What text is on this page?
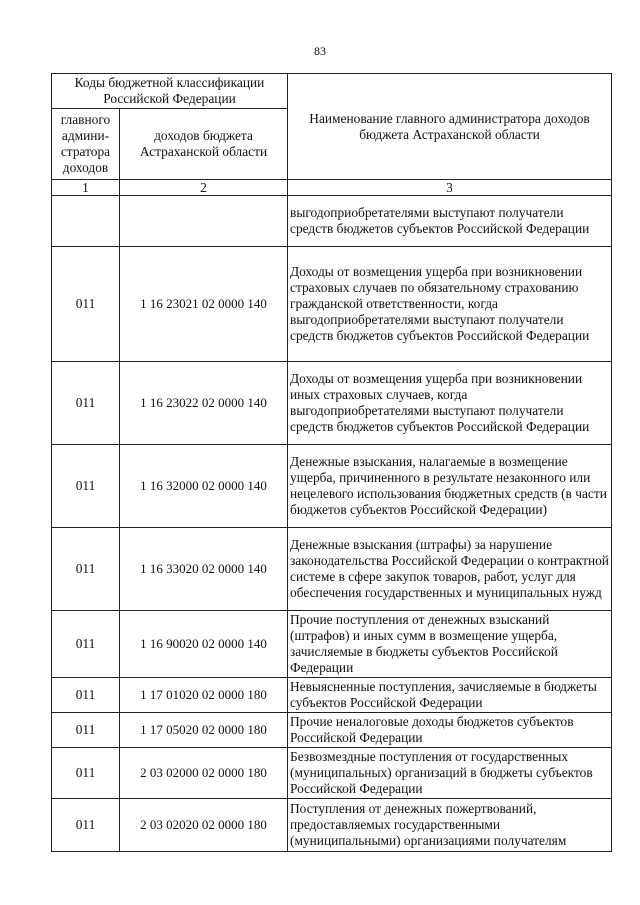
83
Коды бюджетной классификации Российской Федерации		Наименование главного администратора доходов бюджета Астраханской области
главного админи-стратора доходов	доходов бюджета Астраханской области	
1	2	3
		выгодоприобретателями выступают получатели средств бюджетов субъектов Российской Федерации
011	1 16 23021 02 0000 140	Доходы от возмещения ущерба при возникновении страховых случаев по обязательному страхованию гражданской ответственности, когда выгодоприобретателями выступают получатели средств бюджетов субъектов Российской Федерации
011	1 16 23022 02 0000 140	Доходы от возмещения ущерба при возникновении иных страховых случаев, когда выгодоприобретателями выступают получатели средств бюджетов субъектов Российской Федерации
011	1 16 32000 02 0000 140	Денежные взыскания, налагаемые в возмещение ущерба, причиненного в результате незаконного или нецелевого использования бюджетных средств (в части бюджетов субъектов Российской Федерации)
011	1 16 33020 02 0000 140	Денежные взыскания (штрафы) за нарушение законодательства Российской Федерации о контрактной системе в сфере закупок товаров, работ, услуг для обеспечения государственных и муниципальных нужд
011	1 16 90020 02 0000 140	Прочие поступления от денежных взысканий (штрафов) и иных сумм в возмещение ущерба, зачисляемые в бюджеты субъектов Российской Федерации
011	1 17 01020 02 0000 180	Невыясненные поступления, зачисляемые в бюджеты субъектов Российской Федерации
011	1 17 05020 02 0000 180	Прочие неналоговые доходы бюджетов субъектов Российской Федерации
011	2 03 02000 02 0000 180	Безвозмездные поступления от государственных (муниципальных) организаций в бюджеты субъектов Российской Федерации
011	2 03 02020 02 0000 180	Поступления от денежных пожертвований, предоставляемых государственными (муниципальными) организациями получателям
